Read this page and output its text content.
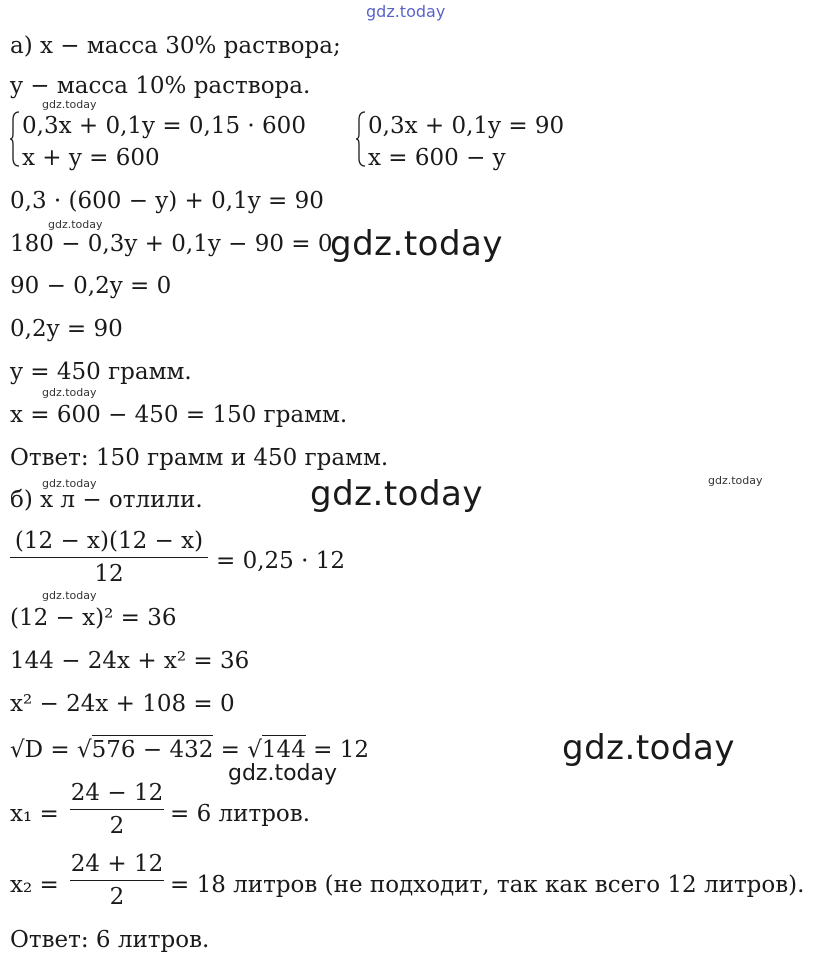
gdz.today
gdz.today
gdz.today
gdz.today
gdz.today	gdz.today
gdz.today
gdz.today
gdz.today
gdz.today
gdz.today
а) x − масса 30% раствора;
y − масса 10% раствора.
0,3x + 0,1y = 0,15 · 600
x + y = 600
0,3x + 0,1y = 90
x = 600 − y
0,3 · (600 − y) + 0,1y = 90
180 − 0,3y + 0,1y − 90 = 0
90 − 0,2y = 0
0,2y = 90
y = 450 грамм.
x = 600 − 450 = 150 грамм.
Ответ: 150 грамм и 450 грамм.
б) x л − отлили.
(12 − x)(12 − x)
12	= 0,25 · 12
(12 − x)² = 36
144 − 24x + x² = 36
x² − 24x + 108 = 0
√D = √576 − 432 = √144 = 12
x₁ =
24 − 12
2	= 6 литров.
x₂ =
24 + 12
2	= 18 литров (не подходит, так как всего 12 литров).
Ответ: 6 литров.
